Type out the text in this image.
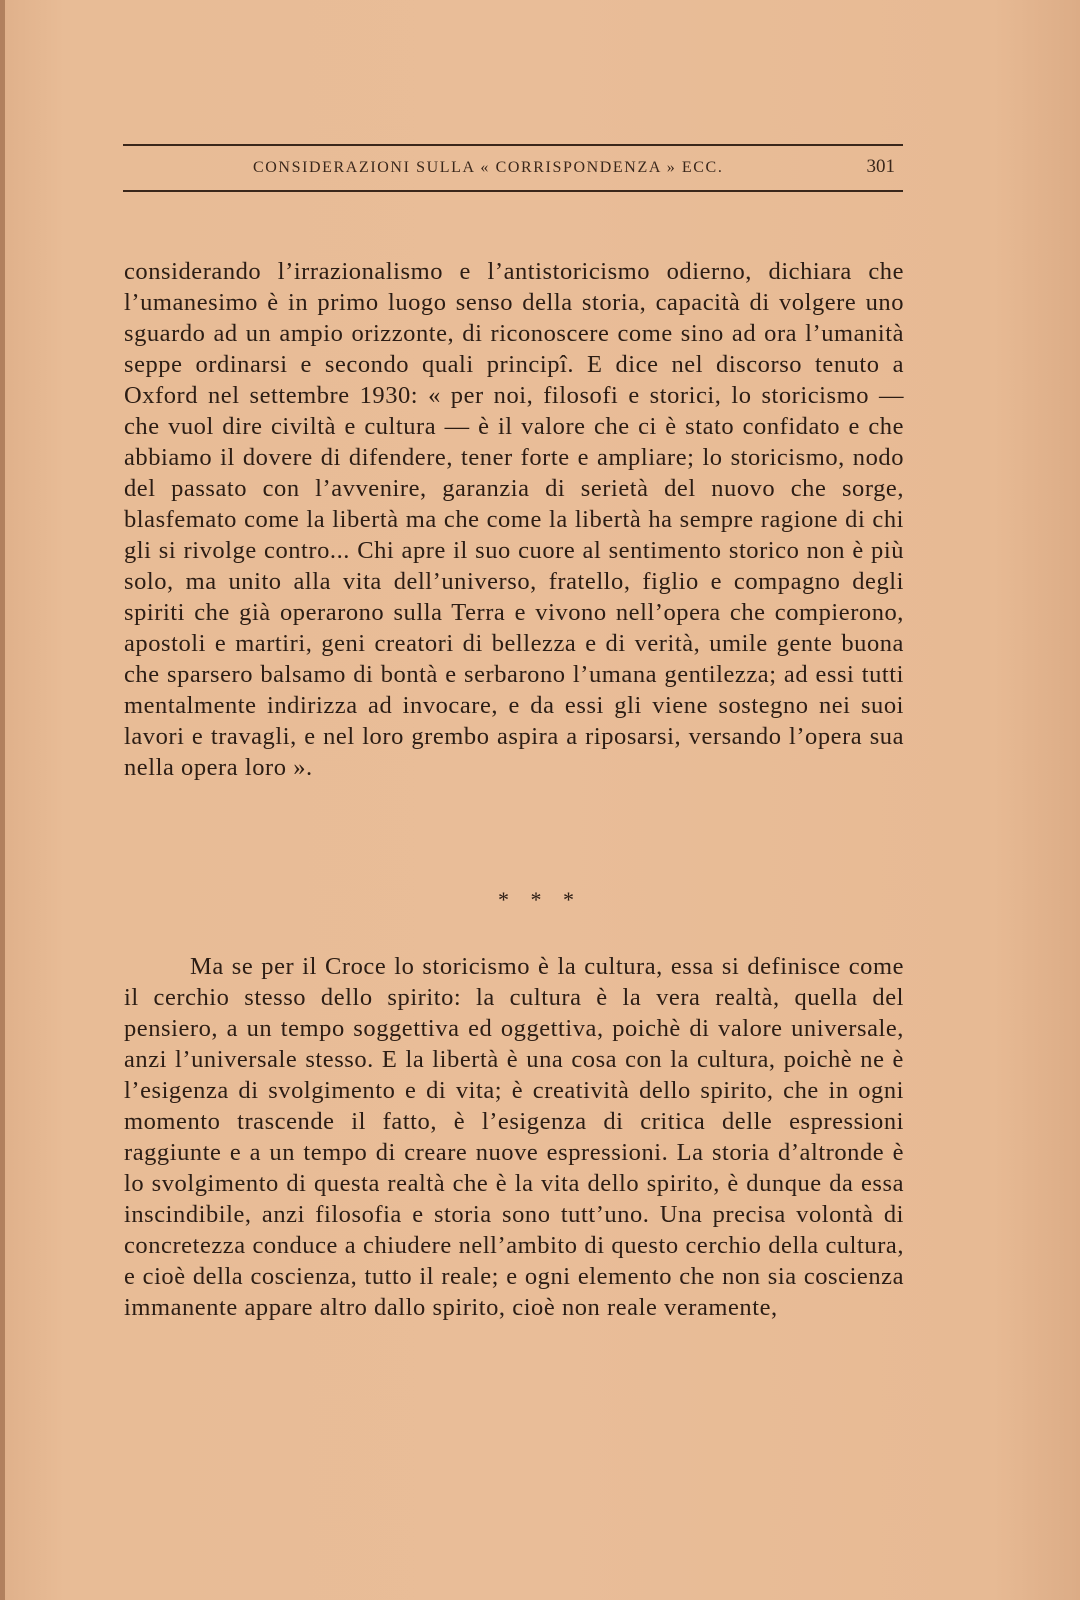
CONSIDERAZIONI SULLA « CORRISPONDENZA » ECC.	301

considerando l’irrazionalismo e l’antistoricismo odierno, dichiara che l’umanesimo è in primo luogo senso della storia, capacità di volgere uno sguardo ad un ampio orizzonte, di riconoscere come sino ad ora l’umanità seppe ordinarsi e secondo quali principî. E dice nel discorso tenuto a Oxford nel settembre 1930: « per noi, filosofi e storici, lo storicismo — che vuol dire civiltà e cultura — è il valore che ci è stato confidato e che abbiamo il dovere di difendere, tener forte e ampliare; lo storicismo, nodo del passato con l’avvenire, garanzia di serietà del nuovo che sorge, blasfemato come la libertà ma che come la libertà ha sempre ragione di chi gli si rivolge contro... Chi apre il suo cuore al sentimento storico non è più solo, ma unito alla vita dell’universo, fratello, figlio e compagno degli spiriti che già operarono sulla Terra e vivono nell’opera che compierono, apostoli e martiri, geni creatori di bellezza e di verità, umile gente buona che sparsero balsamo di bontà e serbarono l’umana gentilezza; ad essi tutti mentalmente indirizza ad invocare, e da essi gli viene sostegno nei suoi lavori e travagli, e nel loro grembo aspira a riposarsi, versando l’opera sua nella opera loro ».

* * *

Ma se per il Croce lo storicismo è la cultura, essa si definisce come il cerchio stesso dello spirito: la cultura è la vera realtà, quella del pensiero, a un tempo soggettiva ed oggettiva, poichè di valore universale, anzi l’universale stesso. E la libertà è una cosa con la cultura, poichè ne è l’esigenza di svolgimento e di vita; è creatività dello spirito, che in ogni momento trascende il fatto, è l’esigenza di critica delle espressioni raggiunte e a un tempo di creare nuove espressioni. La storia d’altronde è lo svolgimento di questa realtà che è la vita dello spirito, è dunque da essa inscindibile, anzi filosofia e storia sono tutt’uno. Una precisa volontà di concretezza conduce a chiudere nell’ambito di questo cerchio della cultura, e cioè della coscienza, tutto il reale; e ogni elemento che non sia coscienza immanente appare altro dallo spirito, cioè non reale veramente,
